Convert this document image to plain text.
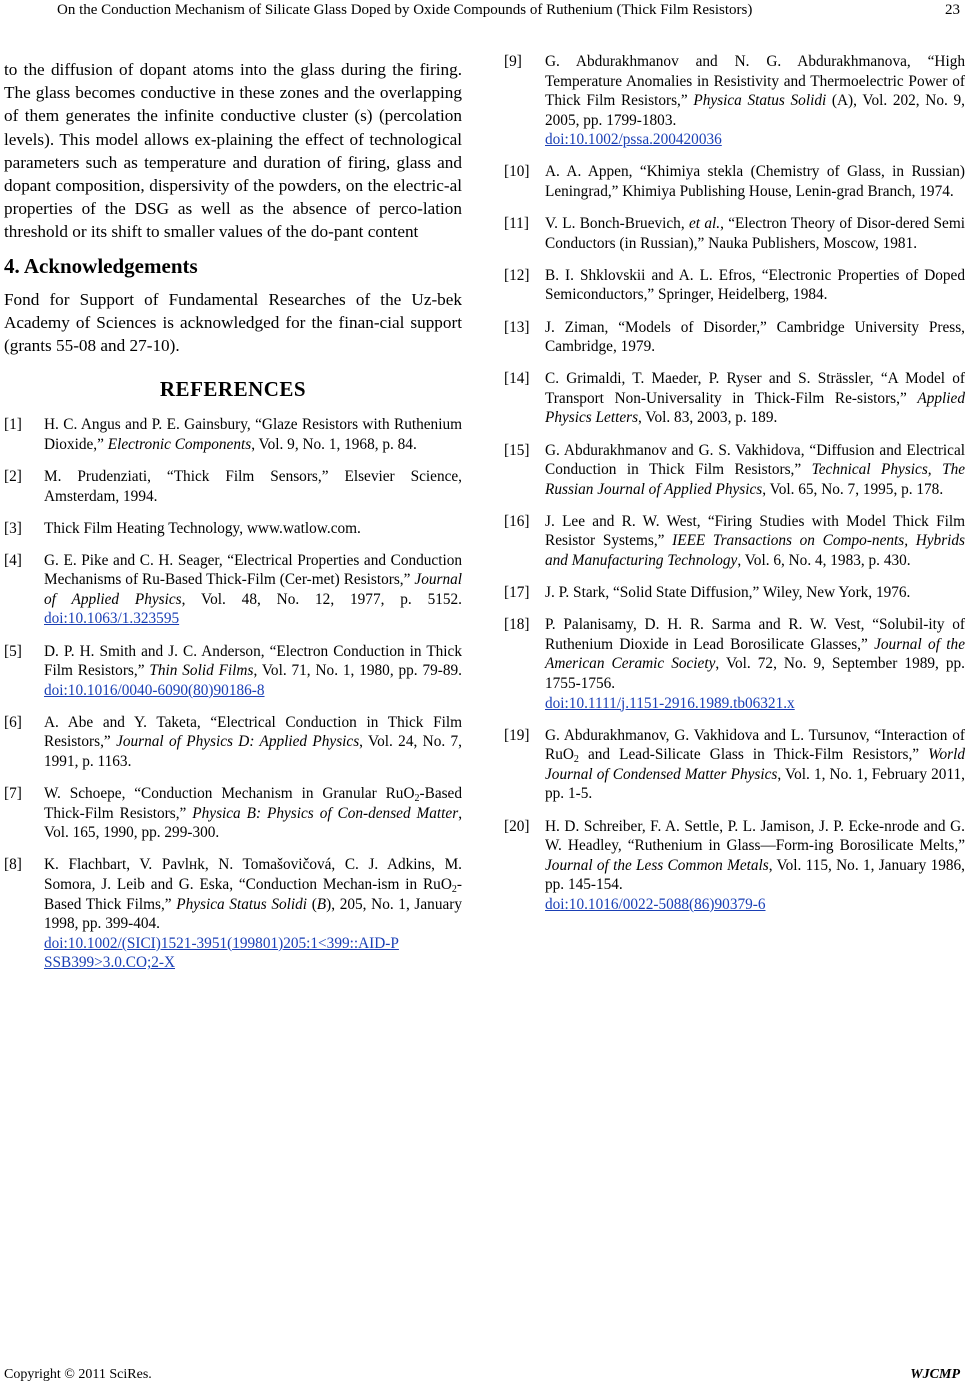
On the Conduction Mechanism of Silicate Glass Doped by Oxide Compounds of Ruthenium (Thick Film Resistors)	23

to the diffusion of dopant atoms into the glass during the firing. The glass becomes conductive in these zones and the overlapping of them generates the infinite conductive cluster (s) (percolation levels). This model allows ex-plaining the effect of technological parameters such as temperature and duration of firing, glass and dopant composition, dispersivity of the powders, on the electric-al properties of the DSG as well as the absence of perco-lation threshold or its shift to smaller values of the do-pant content

4. Acknowledgements

Fond for Support of Fundamental Researches of the Uz-bek Academy of Sciences is acknowledged for the finan-cial support (grants 55-08 and 27-10).

REFERENCES
[1] H. C. Angus and P. E. Gainsbury, “Glaze Resistors with Ruthenium Dioxide,” Electronic Components, Vol. 9, No. 1, 1968, p. 84.
[2] M. Prudenziati, “Thick Film Sensors,” Elsevier Science, Amsterdam, 1994.
[3] Thick Film Heating Technology, www.watlow.com.
[4] G. E. Pike and C. H. Seager, “Electrical Properties and Conduction Mechanisms of Ru-Based Thick-Film (Cer-met) Resistors,” Journal of Applied Physics, Vol. 48, No. 12, 1977, p. 5152. doi:10.1063/1.323595
[5] D. P. H. Smith and J. C. Anderson, “Electron Conduction in Thick Film Resistors,” Thin Solid Films, Vol. 71, No. 1, 1980, pp. 79-89. doi:10.1016/0040-6090(80)90186-8
[6] A. Abe and Y. Taketa, “Electrical Conduction in Thick Film Resistors,” Journal of Physics D: Applied Physics, Vol. 24, No. 7, 1991, p. 1163.
[7] W. Schoepe, “Conduction Mechanism in Granular RuO$_2$-Based Thick-Film Resistors,” Physica B: Physics of Con-densed Matter, Vol. 165, 1990, pp. 299-300.
[8] K. Flachbart, V. Pavlнk, N. Tomašovičová, C. J. Adkins, M. Somora, J. Leib and G. Eska, “Conduction Mechan-ism in RuO$_2$-Based Thick Films,” Physica Status Solidi (B), 205, No. 1, January 1998, pp. 399-404.
doi:10.1002/(SICI)1521-3951(199801)205:1<399::AID-P SSB399>3.0.CO;2-X
[9] G. Abdurakhmanov and N. G. Abdurakhmanova, “High Temperature Anomalies in Resistivity and Thermoelectric Power of Thick Film Resistors,” Physica Status Solidi (A), Vol. 202, No. 9, 2005, pp. 1799-1803.
doi:10.1002/pssa.200420036
[10] A. A. Appen, “Khimiya stekla (Chemistry of Glass, in Russian) Leningrad,” Khimiya Publishing House, Lenin-grad Branch, 1974.
[11] V. L. Bonch-Bruevich, et al., “Electron Theory of Disor-dered Semi Conductors (in Russian),” Nauka Publishers, Moscow, 1981.
[12] B. I. Shklovskii and A. L. Efros, “Electronic Properties of Doped Semiconductors,” Springer, Heidelberg, 1984.
[13] J. Ziman, “Models of Disorder,” Cambridge University Press, Cambridge, 1979.
[14] C. Grimaldi, T. Maeder, P. Ryser and S. Strässler, “A Model of Transport Non-Universality in Thick-Film Re-sistors,” Applied Physics Letters, Vol. 83, 2003, p. 189.
[15] G. Abdurakhmanov and G. S. Vakhidova, “Diffusion and Electrical Conduction in Thick Film Resistors,” Technical Physics, The Russian Journal of Applied Physics, Vol. 65, No. 7, 1995, p. 178.
[16] J. Lee and R. W. West, “Firing Studies with Model Thick Film Resistor Systems,” IEEE Transactions on Compo-nents, Hybrids and Manufacturing Technology, Vol. 6, No. 4, 1983, p. 430.
[17] J. P. Stark, “Solid State Diffusion,” Wiley, New York, 1976.
[18] P. Palanisamy, D. H. R. Sarma and R. W. Vest, “Solubil-ity of Ruthenium Dioxide in Lead Borosilicate Glasses,” Journal of the American Ceramic Society, Vol. 72, No. 9, September 1989, pp. 1755-1756.
doi:10.1111/j.1151-2916.1989.tb06321.x
[19] G. Abdurakhmanov, G. Vakhidova and L. Tursunov, “Interaction of RuO$_2$ and Lead-Silicate Glass in Thick-Film Resistors,” World Journal of Condensed Matter Physics, Vol. 1, No. 1, February 2011, pp. 1-5.
[20] H. D. Schreiber, F. A. Settle, P. L. Jamison, J. P. Ecke-nrode and G. W. Headley, “Ruthenium in Glass—Form-ing Borosilicate Melts,” Journal of the Less Common Metals, Vol. 115, No. 1, January 1986, pp. 145-154.
doi:10.1016/0022-5088(86)90379-6
Copyright © 2011 SciRes.	WJCMP
